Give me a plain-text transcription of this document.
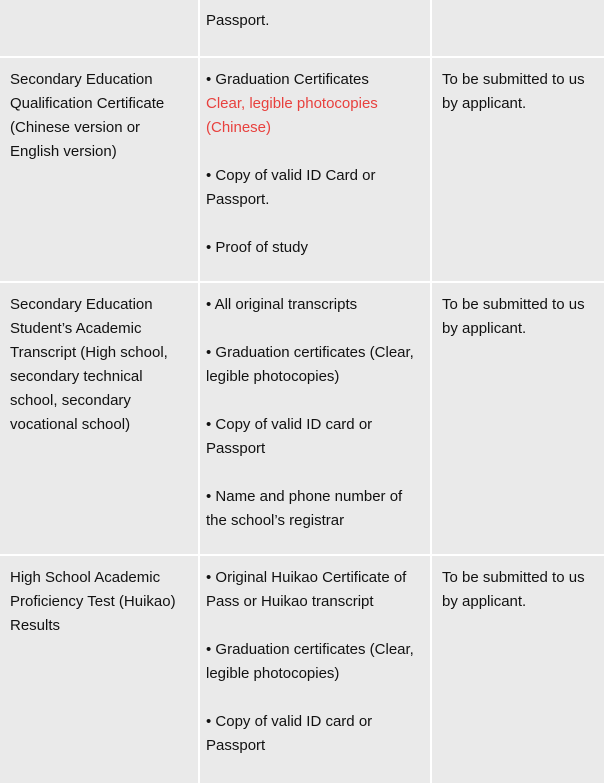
Passport.
Secondary Education Qualification Certificate (Chinese version or English version)
• Graduation Certificates
Clear, legible photocopies (Chinese)
• Copy of valid ID Card or Passport.
• Proof of study
To be submitted to us by applicant.
Secondary Education Student’s Academic Transcript (High school, secondary technical school, secondary vocational school)
• All original transcripts
• Graduation certificates (Clear, legible photocopies)
• Copy of valid ID card or Passport
• Name and phone number of the school’s registrar
To be submitted to us by applicant.
High School Academic Proficiency Test (Huikao) Results
• Original Huikao Certificate of Pass or Huikao transcript
• Graduation certificates (Clear, legible photocopies)
• Copy of valid ID card or Passport
To be submitted to us by applicant.
